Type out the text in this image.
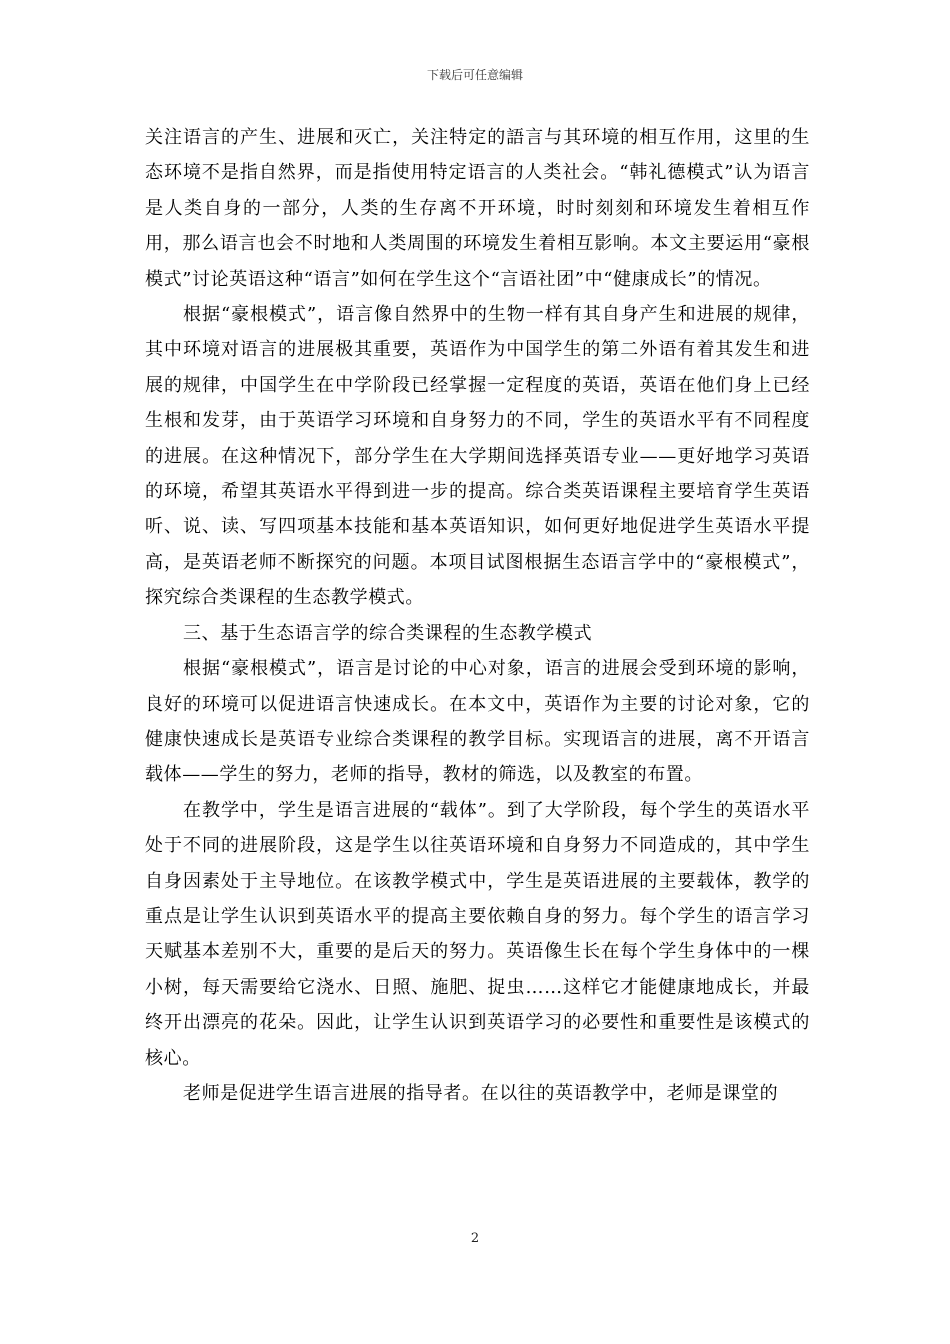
下载后可任意编辑

关注语言的产生、进展和灭亡，关注特定的語言与其环境的相互作用，这里的生态环境不是指自然界，而是指使用特定语言的人类社会。“韩礼德模式”认为语言是人类自身的一部分，人类的生存离不开环境，时时刻刻和环境发生着相互作用，那么语言也会不时地和人类周围的环境发生着相互影响。本文主要运用“豪根模式”讨论英语这种“语言”如何在学生这个“言语社团”中“健康成长”的情况。

根据“豪根模式”，语言像自然界中的生物一样有其自身产生和进展的规律，其中环境对语言的进展极其重要，英语作为中国学生的第二外语有着其发生和进展的规律，中国学生在中学阶段已经掌握一定程度的英语，英语在他们身上已经生根和发芽，由于英语学习环境和自身努力的不同，学生的英语水平有不同程度的进展。在这种情况下，部分学生在大学期间选择英语专业——更好地学习英语的环境，希望其英语水平得到进一步的提高。综合类英语课程主要培育学生英语听、说、读、写四项基本技能和基本英语知识，如何更好地促进学生英语水平提高，是英语老师不断探究的问题。本项目试图根据生态语言学中的“豪根模式”，探究综合类课程的生态教学模式。

三、基于生态语言学的综合类课程的生态教学模式

根据“豪根模式”，语言是讨论的中心对象，语言的进展会受到环境的影响，良好的环境可以促进语言快速成长。在本文中，英语作为主要的讨论对象，它的健康快速成长是英语专业综合类课程的教学目标。实现语言的进展，离不开语言载体——学生的努力，老师的指导，教材的筛选，以及教室的布置。

在教学中，学生是语言进展的“载体”。到了大学阶段，每个学生的英语水平处于不同的进展阶段，这是学生以往英语环境和自身努力不同造成的，其中学生自身因素处于主导地位。在该教学模式中，学生是英语进展的主要载体，教学的重点是让学生认识到英语水平的提高主要依赖自身的努力。每个学生的语言学习天赋基本差别不大，重要的是后天的努力。英语像生长在每个学生身体中的一棵小树，每天需要给它浇水、日照、施肥、捉虫……这样它才能健康地成长，并最终开出漂亮的花朵。因此，让学生认识到英语学习的必要性和重要性是该模式的核心。

老师是促进学生语言进展的指导者。在以往的英语教学中，老师是课堂的

2
